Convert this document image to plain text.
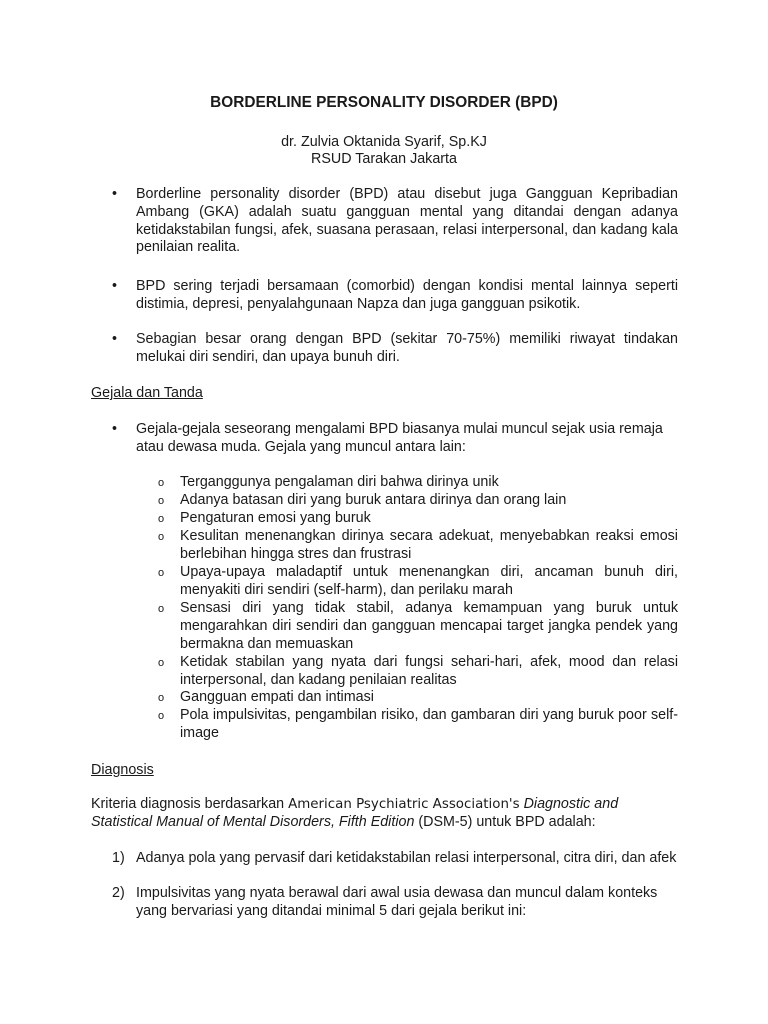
BORDERLINE PERSONALITY DISORDER (BPD)
dr. Zulvia Oktanida Syarif, Sp.KJ
RSUD Tarakan Jakarta
•	Borderline personality disorder (BPD) atau disebut juga Gangguan Kepribadian Ambang (GKA) adalah suatu gangguan mental yang ditandai dengan adanya ketidakstabilan fungsi, afek, suasana perasaan, relasi interpersonal, dan kadang kala penilaian realita.
•	BPD sering terjadi bersamaan (comorbid) dengan kondisi mental lainnya seperti distimia, depresi, penyalahgunaan Napza dan juga gangguan psikotik.
•	Sebagian besar orang dengan BPD (sekitar 70-75%) memiliki riwayat tindakan melukai diri sendiri, dan upaya bunuh diri.
Gejala dan Tanda
•	Gejala-gejala seseorang mengalami BPD biasanya mulai muncul sejak usia remaja atau dewasa muda. Gejala yang muncul antara lain:
o Terganggunya pengalaman diri bahwa dirinya unik
o Adanya batasan diri yang buruk antara dirinya dan orang lain
o Pengaturan emosi yang buruk
o Kesulitan menenangkan dirinya secara adekuat, menyebabkan reaksi emosi berlebihan hingga stres dan frustrasi
o Upaya-upaya maladaptif untuk menenangkan diri, ancaman bunuh diri, menyakiti diri sendiri (self-harm), dan perilaku marah
o Sensasi diri yang tidak stabil, adanya kemampuan yang buruk untuk mengarahkan diri sendiri dan gangguan mencapai target jangka pendek yang bermakna dan memuaskan
o Ketidak stabilan yang nyata dari fungsi sehari-hari, afek, mood dan relasi interpersonal, dan kadang penilaian realitas
o Gangguan empati dan intimasi
o Pola impulsivitas, pengambilan risiko, dan gambaran diri yang buruk poor self-image
Diagnosis
Kriteria diagnosis berdasarkan American Psychiatric Association's Diagnostic and Statistical Manual of Mental Disorders, Fifth Edition (DSM-5) untuk BPD adalah:
1) Adanya pola yang pervasif dari ketidakstabilan relasi interpersonal, citra diri, dan afek
2) Impulsivitas yang nyata berawal dari awal usia dewasa dan muncul dalam konteks yang bervariasi yang ditandai minimal 5 dari gejala berikut ini:
